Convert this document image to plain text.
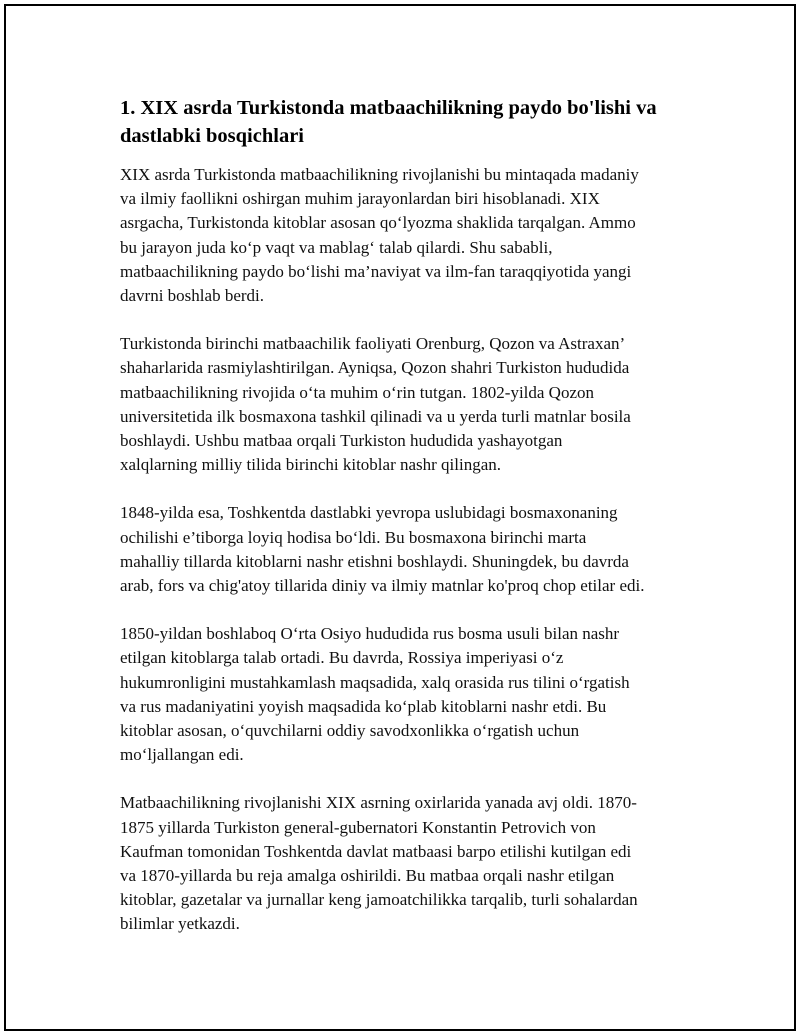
1. XIX asrda Turkistonda matbaachilikning paydo bo'lishi va
dastlabki bosqichlari

XIX asrda Turkistonda matbaachilikning rivojlanishi bu mintaqada madaniy
va ilmiy faollikni oshirgan muhim jarayonlardan biri hisoblanadi. XIX
asrgacha, Turkistonda kitoblar asosan qo‘lyozma shaklida tarqalgan. Ammo
bu jarayon juda ko‘p vaqt va mablag‘ talab qilardi. Shu sababli,
matbaachilikning paydo bo‘lishi ma’naviyat va ilm-fan taraqqiyotida yangi
davrni boshlab berdi.

Turkistonda birinchi matbaachilik faoliyati Orenburg, Qozon va Astraxan’
shaharlarida rasmiylashtirilgan. Ayniqsa, Qozon shahri Turkiston hududida
matbaachilikning rivojida o‘ta muhim o‘rin tutgan. 1802-yilda Qozon
universitetida ilk bosmaxona tashkil qilinadi va u yerda turli matnlar bosila
boshlaydi. Ushbu matbaa orqali Turkiston hududida yashayotgan
xalqlarning milliy tilida birinchi kitoblar nashr qilingan.

1848-yilda esa, Toshkentda dastlabki yevropa uslubidagi bosmaxonaning
ochilishi e’tiborga loyiq hodisa bo‘ldi. Bu bosmaxona birinchi marta
mahalliy tillarda kitoblarni nashr etishni boshlaydi. Shuningdek, bu davrda
arab, fors va chig'atoy tillarida diniy va ilmiy matnlar ko'proq chop etilar edi.

1850-yildan boshlaboq O‘rta Osiyo hududida rus bosma usuli bilan nashr
etilgan kitoblarga talab ortadi. Bu davrda, Rossiya imperiyasi o‘z
hukumronligini mustahkamlash maqsadida, xalq orasida rus tilini o‘rgatish
va rus madaniyatini yoyish maqsadida ko‘plab kitoblarni nashr etdi. Bu
kitoblar asosan, o‘quvchilarni oddiy savodxonlikka o‘rgatish uchun
mo‘ljallangan edi.

Matbaachilikning rivojlanishi XIX asrning oxirlarida yanada avj oldi. 1870-
1875 yillarda Turkiston general-gubernatori Konstantin Petrovich von
Kaufman tomonidan Toshkentda davlat matbaasi barpo etilishi kutilgan edi
va 1870-yillarda bu reja amalga oshirildi. Bu matbaa orqali nashr etilgan
kitoblar, gazetalar va jurnallar keng jamoatchilikka tarqalib, turli sohalardan
bilimlar yetkazdi.
